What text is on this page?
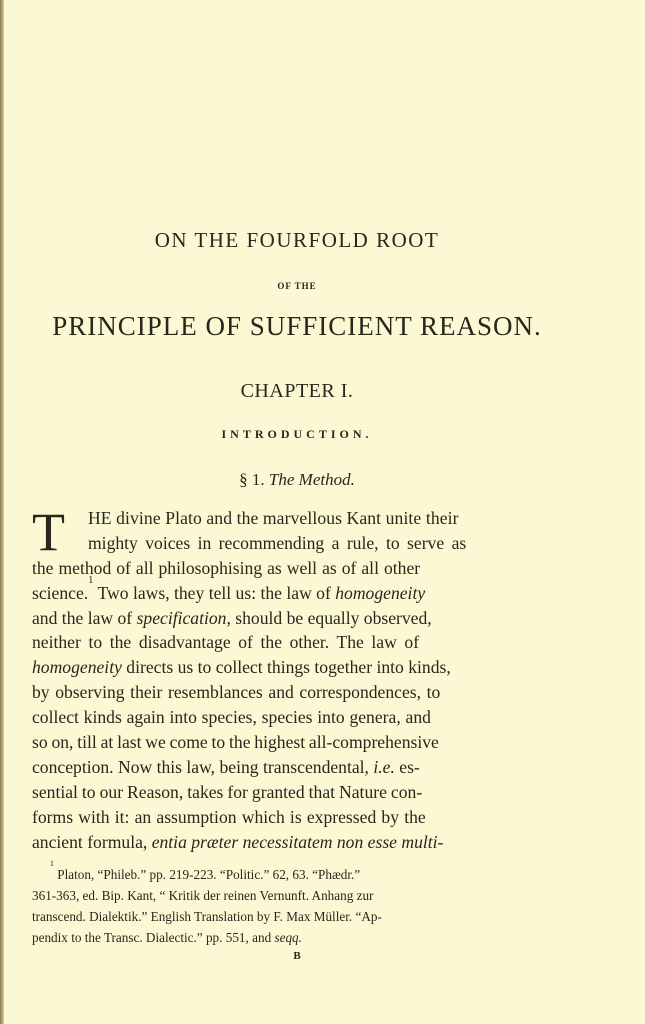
ON THE FOURFOLD ROOT
OF THE
PRINCIPLE OF SUFFICIENT REASON.
CHAPTER I.
INTRODUCTION.
§ 1. The Method.
T HE divine Plato and the marvellous Kant unite their
mighty voices in recommending a rule, to serve as
the method of all philosophising as well as of all other
science.
1
Two laws, they tell us: the law of homogeneity
and the law of specification, should be equally observed,
neither to the disadvantage of the other. The law of
homogeneity directs us to collect things together into kinds,
by observing their resemblances and correspondences, to
collect kinds again into species, species into genera, and
so on, till at last we come to the highest all-comprehensive
conception. Now this law, being transcendental, i.e. es-
sential to our Reason, takes for granted that Nature con-
forms with it: an assumption which is expressed by the
ancient formula, entia præter necessitatem non esse multi-
1
Platon, “Phileb.” pp. 219-223. “Politic.” 62, 63. “Phædr.”
361-363, ed. Bip. Kant, “ Kritik der reinen Vernunft. Anhang zur
transcend. Dialektik.” English Translation by F. Max Müller. “Ap-
pendix to the Transc. Dialectic.” pp. 551, and seqq.
B
